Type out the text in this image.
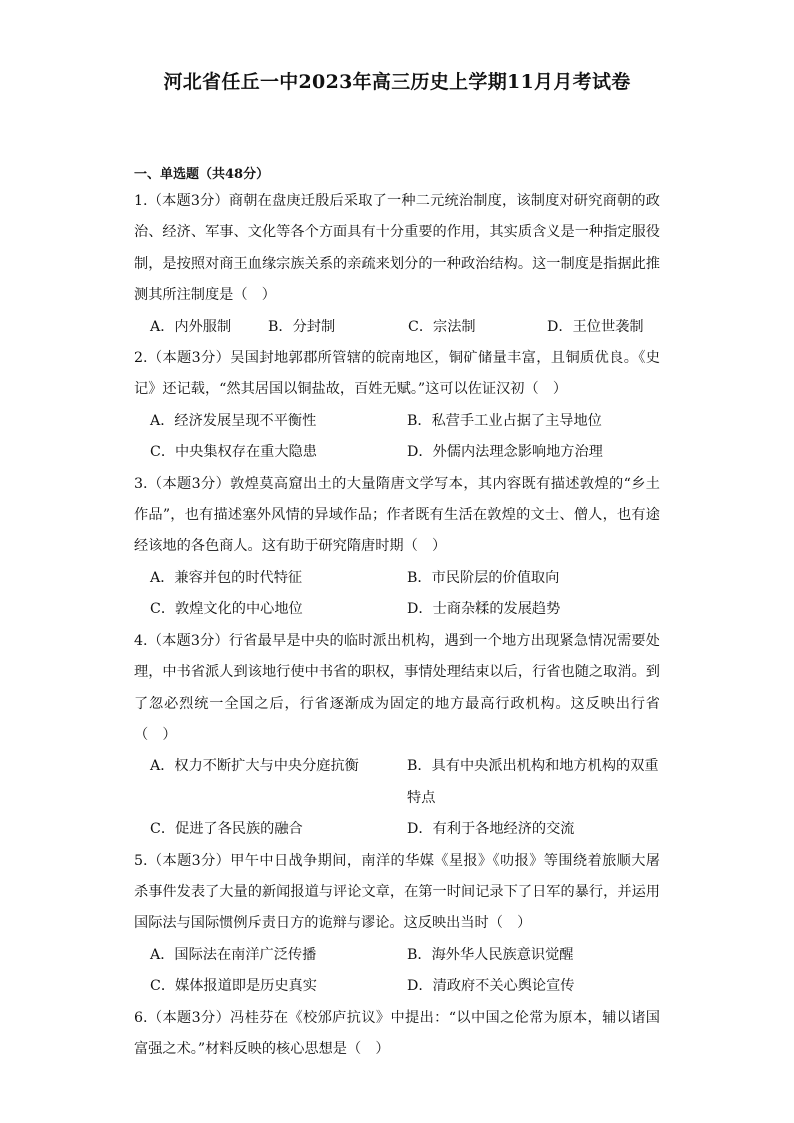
河北省任丘一中2023年高三历史上学期11月月考试卷
一、单选题（共48分）

1.（本题3分）商朝在盘庚迁殷后采取了一种二元统治制度，该制度对研究商朝的政治、经济、军事、文化等各个方面具有十分重要的作用，其实质含义是一种指定服役制，是按照对商王血缘宗族关系的亲疏来划分的一种政治结构。这一制度是指据此推测其所注制度是（　）

A．内外服制	B．分封制	C．宗法制	D．王位世袭制

2.（本题3分）吴国封地郭郡所管辖的皖南地区，铜矿储量丰富，且铜质优良。《史记》还记载，“然其居国以铜盐故，百姓无赋。”这可以佐证汉初（　）

A．经济发展呈现不平衡性	B．私营手工业占据了主导地位
C．中央集权存在重大隐患	D．外儒内法理念影响地方治理

3.（本题3分）敦煌莫高窟出土的大量隋唐文学写本，其内容既有描述敦煌的“乡土作品”，也有描述塞外风情的异域作品；作者既有生活在敦煌的文士、僧人，也有途经该地的各色商人。这有助于研究隋唐时期（　）

A．兼容并包的时代特征	B．市民阶层的价值取向
C．敦煌文化的中心地位	D．士商杂糅的发展趋势

4.（本题3分）行省最早是中央的临时派出机构，遇到一个地方出现紧急情况需要处理，中书省派人到该地行使中书省的职权，事情处理结束以后，行省也随之取消。到了忽必烈统一全国之后，行省逐渐成为固定的地方最高行政机构。这反映出行省（　）

A．权力不断扩大与中央分庭抗衡	B．具有中央派出机构和地方机构的双重特点
C．促进了各民族的融合	D．有利于各地经济的交流

5.（本题3分）甲午中日战争期间，南洋的华媒《星报》《叻报》等围绕着旅顺大屠杀事件发表了大量的新闻报道与评论文章，在第一时间记录下了日军的暴行，并运用国际法与国际惯例斥责日方的诡辩与谬论。这反映出当时（　）

A．国际法在南洋广泛传播	B．海外华人民族意识觉醒
C．媒体报道即是历史真实	D．清政府不关心舆论宣传

6.（本题3分）冯桂芬在《校邠庐抗议》中提出：“以中国之伦常为原本，辅以诸国富强之术。”材料反映的核心思想是（　）
